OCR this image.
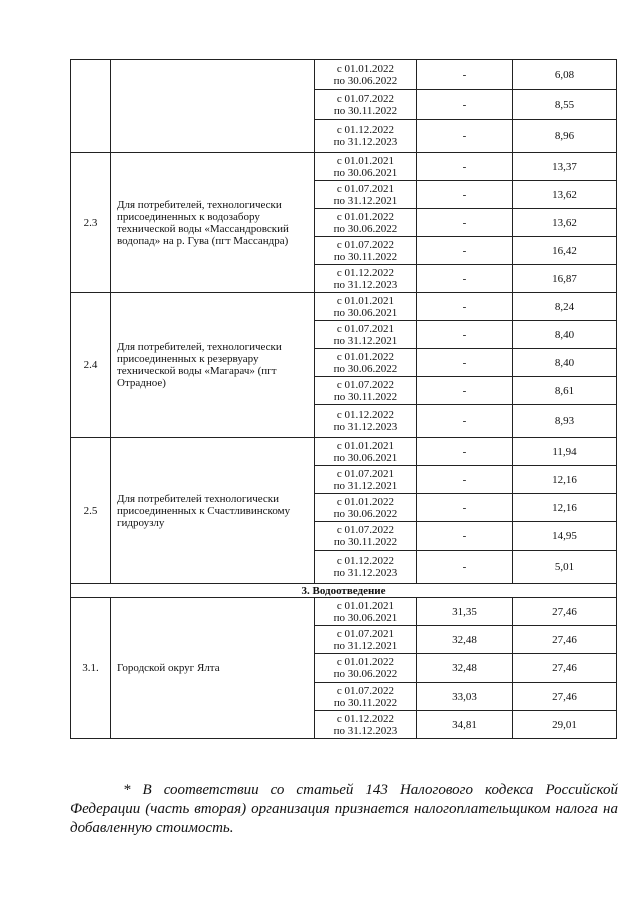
		с 01.01.2022
по 30.06.2022	-	6,08

		с 01.07.2022
по 30.11.2022	-	8,55

		с 01.12.2022
по 31.12.2023	-	8,96
2.3	Для потребителей, технологически присоединенных к водозабору технической воды «Массандровский водопад» на р. Гува (пгт Массандра)	с 01.01.2021
по 30.06.2021	-	13,37

		с 01.07.2021
по 31.12.2021	-	13,62

		с 01.01.2022
по 30.06.2022	-	13,62

		с 01.07.2022
по 30.11.2022	-	16,42

		с 01.12.2022
по 31.12.2023	-	16,87
2.4	Для потребителей, технологически присоединенных к резервуару технической воды «Магарач» (пгт Отрадное)	с 01.01.2021
по 30.06.2021	-	8,24

		с 01.07.2021
по 31.12.2021	-	8,40

		с 01.01.2022
по 30.06.2022	-	8,40

		с 01.07.2022
по 30.11.2022	-	8,61

		с 01.12.2022
по 31.12.2023	-	8,93
2.5	Для потребителей технологически присоединенных к Счастливинскому гидроузлу	с 01.01.2021
по 30.06.2021	-	11,94

		с 01.07.2021
по 31.12.2021	-	12,16

		с 01.01.2022
по 30.06.2022	-	12,16

		с 01.07.2022
по 30.11.2022	-	14,95

		с 01.12.2022
по 31.12.2023	-	5,01
3. Водоотведение				
3.1.	Городской округ Ялта	с 01.01.2021
по 30.06.2021	31,35	27,46

		с 01.07.2021
по 31.12.2021	32,48	27,46

		с 01.01.2022
по 30.06.2022	32,48	27,46

		с 01.07.2022
по 30.11.2022	33,03	27,46

		с 01.12.2022
по 31.12.2023	34,81	29,01

* В соответствии со статьей 143 Налогового кодекса Российской Федерации (часть вторая) организация признается налогоплательщиком налога на добавленную стоимость.
